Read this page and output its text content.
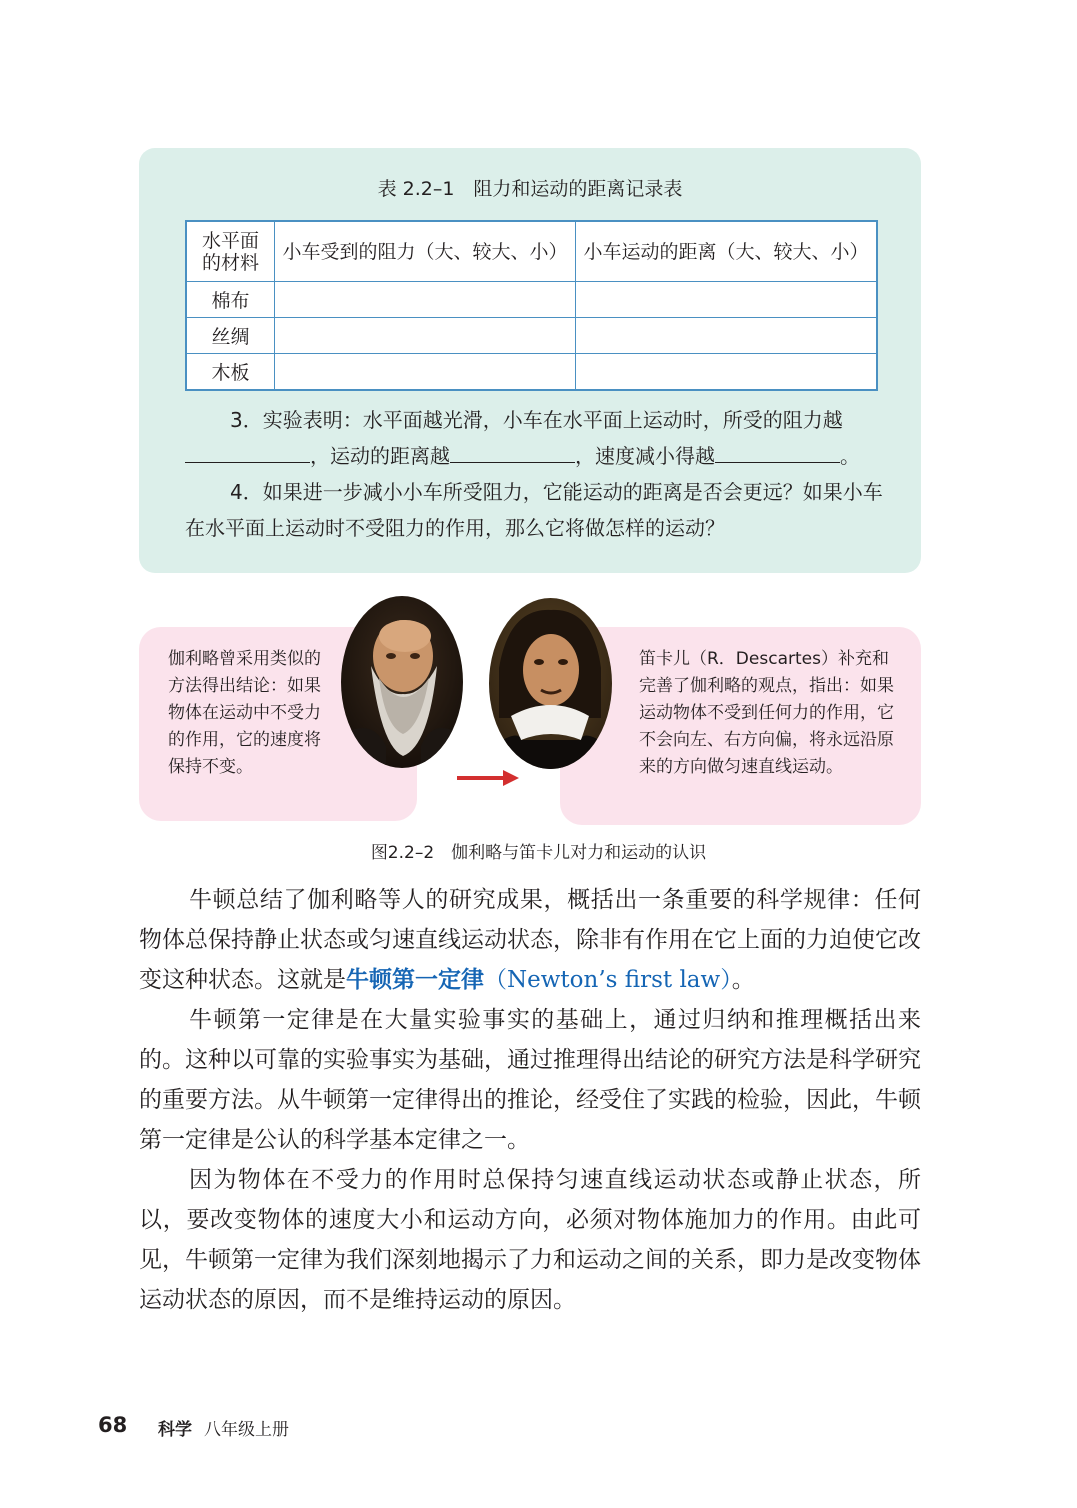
表 2.2–1　阻力和运动的距离记录表
水平面
的材料	小车受到的阻力（大、较大、小）	小车运动的距离（大、较大、小）
棉布		
丝绸		
木板		
3．实验表明：水平面越光滑，小车在水平面上运动时，所受的阻力越
，运动的距离越	，速度减小得越	。
4．如果进一步减小小车所受阻力，它能运动的距离是否会更远？如果小车在水平面上运动时不受阻力的作用，那么它将做怎样的运动？
伽利略曾采用类似的方法得出结论：如果物体在运动中不受力的作用，它的速度将保持不变。
笛卡儿（R．Descartes）补充和完善了伽利略的观点，指出：如果运动物体不受到任何力的作用，它不会向左、右方向偏，将永远沿原来的方向做匀速直线运动。
图2.2–2　伽利略与笛卡儿对力和运动的认识
牛顿总结了伽利略等人的研究成果，概括出一条重要的科学规律：任何物体总保持静止状态或匀速直线运动状态，除非有作用在它上面的力迫使它改变这种状态。这就是牛顿第一定律（Newton’s first law）。
牛顿第一定律是在大量实验事实的基础上，通过归纳和推理概括出来的。这种以可靠的实验事实为基础，通过推理得出结论的研究方法是科学研究的重要方法。从牛顿第一定律得出的推论，经受住了实践的检验，因此，牛顿第一定律是公认的科学基本定律之一。
因为物体在不受力的作用时总保持匀速直线运动状态或静止状态，所以，要改变物体的速度大小和运动方向，必须对物体施加力的作用。由此可见，牛顿第一定律为我们深刻地揭示了力和运动之间的关系，即力是改变物体运动状态的原因，而不是维持运动的原因。
68 科学 八年级上册
